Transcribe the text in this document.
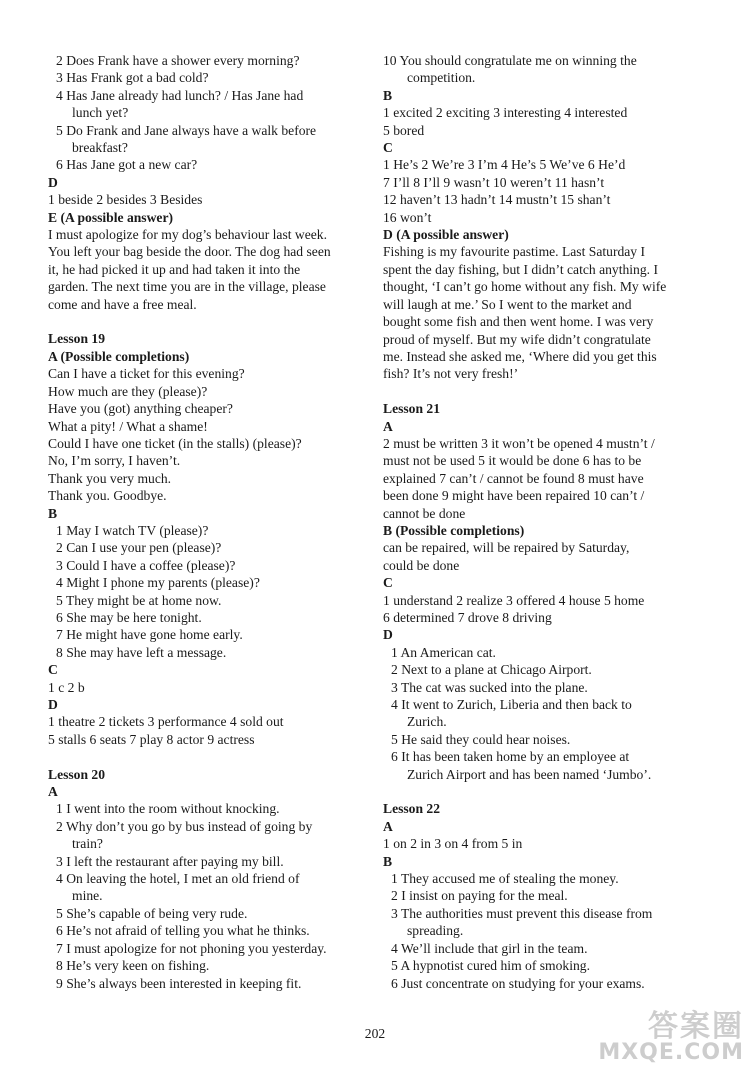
2 Does Frank have a shower every morning?
3 Has Frank got a bad cold?
4 Has Jane already had lunch? / Has Jane had
lunch yet?
5 Do Frank and Jane always have a walk before
breakfast?
6 Has Jane got a new car?
D
1 beside 2 besides 3 Besides
E (A possible answer)
I must apologize for my dog’s behaviour last week.
You left your bag beside the door. The dog had seen
it, he had picked it up and had taken it into the
garden. The next time you are in the village, please
come and have a free meal.
Lesson 19
A (Possible completions)
Can I have a ticket for this evening?
How much are they (please)?
Have you (got) anything cheaper?
What a pity! / What a shame!
Could I have one ticket (in the stalls) (please)?
No, I’m sorry, I haven’t.
Thank you very much.
Thank you. Goodbye.
B
1 May I watch TV (please)?
2 Can I use your pen (please)?
3 Could I have a coffee (please)?
4 Might I phone my parents (please)?
5 They might be at home now.
6 She may be here tonight.
7 He might have gone home early.
8 She may have left a message.
C
1 c 2 b
D
1 theatre 2 tickets 3 performance 4 sold out
5 stalls 6 seats 7 play 8 actor 9 actress
Lesson 20
A
1 I went into the room without knocking.
2 Why don’t you go by bus instead of going by
train?
3 I left the restaurant after paying my bill.
4 On leaving the hotel, I met an old friend of
mine.
5 She’s capable of being very rude.
6 He’s not afraid of telling you what he thinks.
7 I must apologize for not phoning you yesterday.
8 He’s very keen on fishing.
9 She’s always been interested in keeping fit.
10 You should congratulate me on winning the
competition.
B
1 excited 2 exciting 3 interesting 4 interested
5 bored
C
1 He’s 2 We’re 3 I’m 4 He’s 5 We’ve 6 He’d
7 I’ll 8 I’ll 9 wasn’t 10 weren’t 11 hasn’t
12 haven’t 13 hadn’t 14 mustn’t 15 shan’t
16 won’t
D (A possible answer)
Fishing is my favourite pastime. Last Saturday I
spent the day fishing, but I didn’t catch anything. I
thought, ‘I can’t go home without any fish. My wife
will laugh at me.’ So I went to the market and
bought some fish and then went home. I was very
proud of myself. But my wife didn’t congratulate
me. Instead she asked me, ‘Where did you get this
fish? It’s not very fresh!’
Lesson 21
A
2 must be written 3 it won’t be opened 4 mustn’t /
must not be used 5 it would be done 6 has to be
explained 7 can’t / cannot be found 8 must have
been done 9 might have been repaired 10 can’t /
cannot be done
B (Possible completions)
can be repaired, will be repaired by Saturday,
could be done
C
1 understand 2 realize 3 offered 4 house 5 home
6 determined 7 drove 8 driving
D
1 An American cat.
2 Next to a plane at Chicago Airport.
3 The cat was sucked into the plane.
4 It went to Zurich, Liberia and then back to
Zurich.
5 He said they could hear noises.
6 It has been taken home by an employee at
Zurich Airport and has been named ‘Jumbo’.
Lesson 22
A
1 on 2 in 3 on 4 from 5 in
B
1 They accused me of stealing the money.
2 I insist on paying for the meal.
3 The authorities must prevent this disease from
spreading.
4 We’ll include that girl in the team.
5 A hypnotist cured him of smoking.
6 Just concentrate on studying for your exams.
202	答案圈
MXQE.COM
